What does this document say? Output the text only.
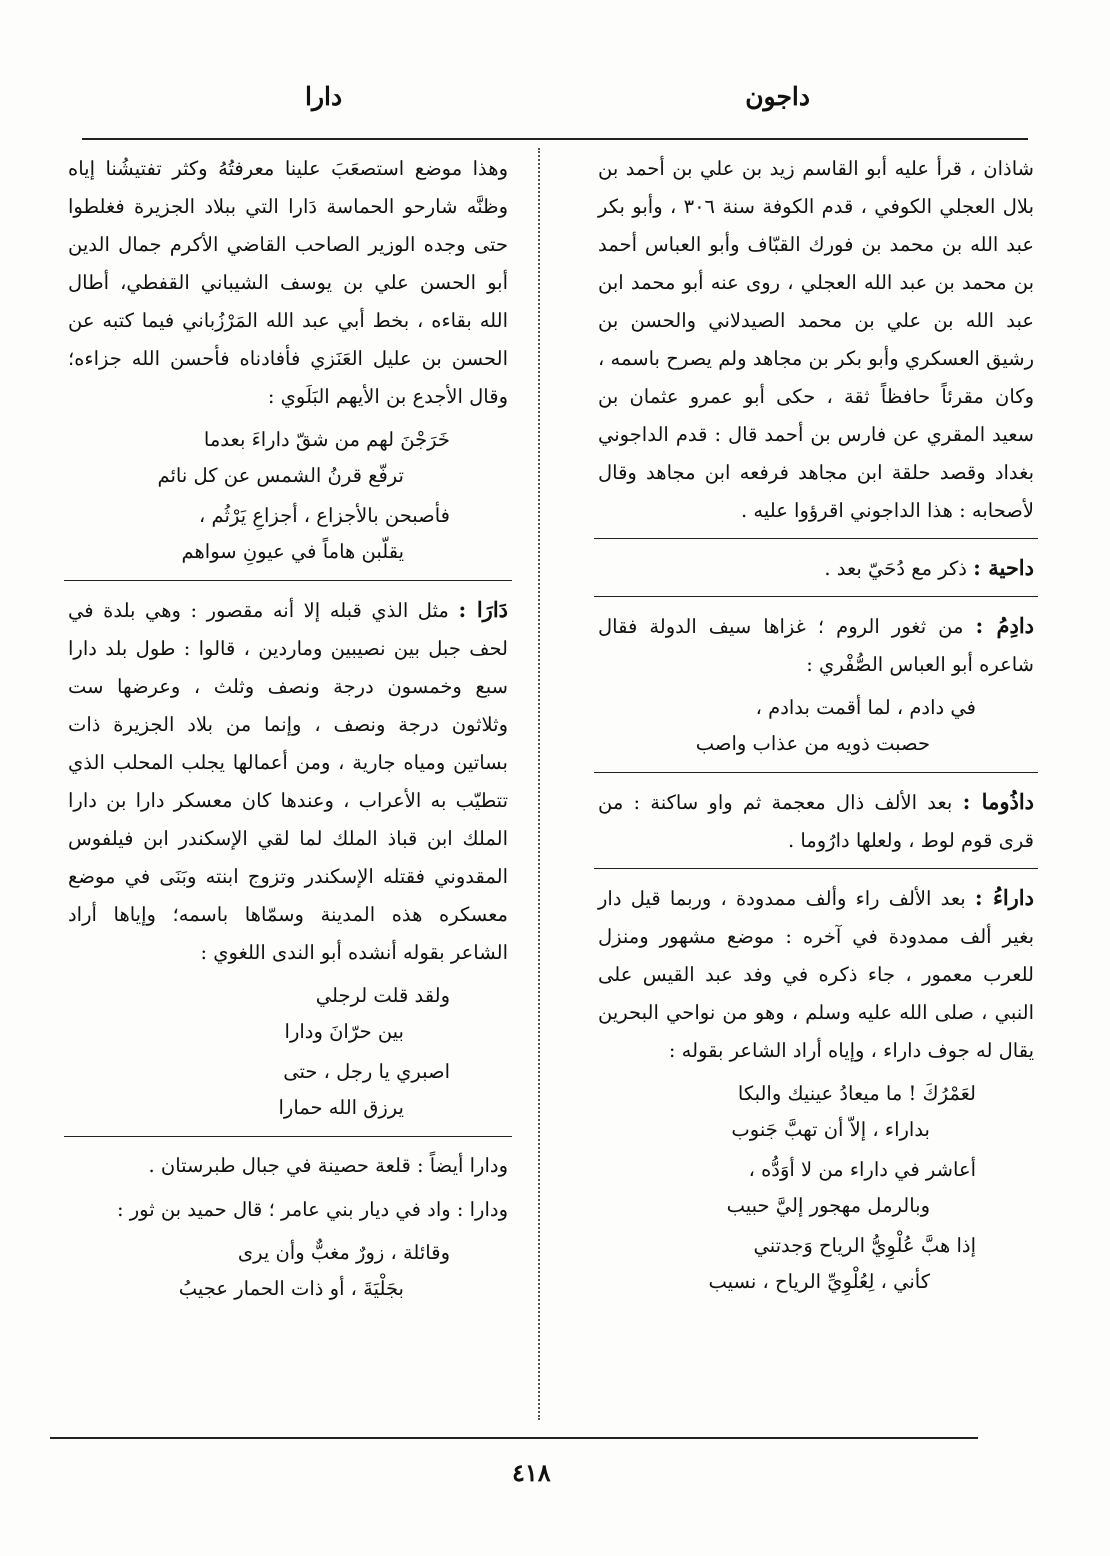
داجون
دارا

شاذان ، قرأ عليه أبو القاسم زيد بن علي بن أحمد بن بلال العجلي الكوفي ، قدم الكوفة سنة ٣٠٦ ، وأبو بكر عبد الله بن محمد بن فورك القبّاف وأبو العباس أحمد بن محمد بن عبد الله العجلي ، روى عنه أبو محمد ابن عبد الله بن علي بن محمد الصيدلاني والحسن بن رشيق العسكري وأبو بكر بن مجاهد ولم يصرح باسمه ، وكان مقرئاً حافظاً ثقة ، حكى أبو عمرو عثمان بن سعيد المقري عن فارس بن أحمد قال : قدم الداجوني بغداد وقصد حلقة ابن مجاهد فرفعه ابن مجاهد وقال لأصحابه : هذا الداجوني اقرؤوا عليه .

داحية : ذكر مع دُحَيّ بعد .

دادِمُ : من ثغور الروم ؛ غزاها سيف الدولة فقال شاعره أبو العباس الصُّفْري :

في دادم ، لما أقمت بدادم ،
حصبت ذويه من عذاب واصب

داذُوما : بعد الألف ذال معجمة ثم واو ساكنة : من قرى قوم لوط ، ولعلها دارُوما .

داراءُ : بعد الألف راء وألف ممدودة ، وربما قيل دار بغير ألف ممدودة في آخره : موضع مشهور ومنزل للعرب معمور ، جاء ذكره في وفد عبد القيس على النبي ، صلى الله عليه وسلم ، وهو من نواحي البحرين يقال له جوف داراء ، وإياه أراد الشاعر بقوله :

لعَمْرُكَ ! ما ميعادُ عينيك والبكا
بداراء ، إلاّ أن تهبَّ جَنوب
أعاشر في داراء من لا أوَدُّه ،
وبالرمل مهجور إليَّ حبيب
إذا هبَّ عُلْوِيُّ الرياح وَجدتني
كأني ، لِعُلْوِيِّ الرياح ، نسيب

وهذا موضع استصعَبَ علينا معرفتُهُ وكثر تفتيشُنا إياه وظنَّه شارحو الحماسة دَارا التي ببلاد الجزيرة فغلطوا حتى وجده الوزير الصاحب القاضي الأكرم جمال الدين أبو الحسن علي بن يوسف الشيباني القفطي، أطال الله بقاءه ، بخط أبي عبد الله المَرْزُباني فيما كتبه عن الحسن بن عليل العَنَزي فأفادناه فأحسن الله جزاءه؛ وقال الأجدع بن الأيهم البَلَوي :

خَرَجْنَ لهم من شقّ داراءَ بعدما
ترفّع قرنُ الشمس عن كل نائم
فأصبحن بالأجزاع ، أجزاعِ يَرْثُم ،
يقلّبن هاماً في عيونِ سواهم

دَارَا : مثل الذي قبله إلا أنه مقصور : وهي بلدة في لحف جبل بين نصيبين وماردين ، قالوا : طول بلد دارا سبع وخمسون درجة ونصف وثلث ، وعرضها ست وثلاثون درجة ونصف ، وإنما من بلاد الجزيرة ذات بساتين ومياه جارية ، ومن أعمالها يجلب المحلب الذي تتطيّب به الأعراب ، وعندها كان معسكر دارا بن دارا الملك ابن قباذ الملك لما لقي الإسكندر ابن فيلفوس المقدوني فقتله الإسكندر وتزوج ابنته وبَنَى في موضع معسكره هذه المدينة وسمّاها باسمه؛ وإياها أراد الشاعر بقوله أنشده أبو الندى اللغوي :

ولقد قلت لرجلي
بين حرّانَ ودارا
اصبري يا رجل ، حتى
يرزق الله حمارا

ودارا أيضاً : قلعة حصينة في جبال طبرستان .

ودارا : واد في ديار بني عامر ؛ قال حميد بن ثور :

وقائلة ، زورٌ مغبٌّ وأن يرى
بجَلْيَةَ ، أو ذات الحمار عجيبُ
٤١٨
